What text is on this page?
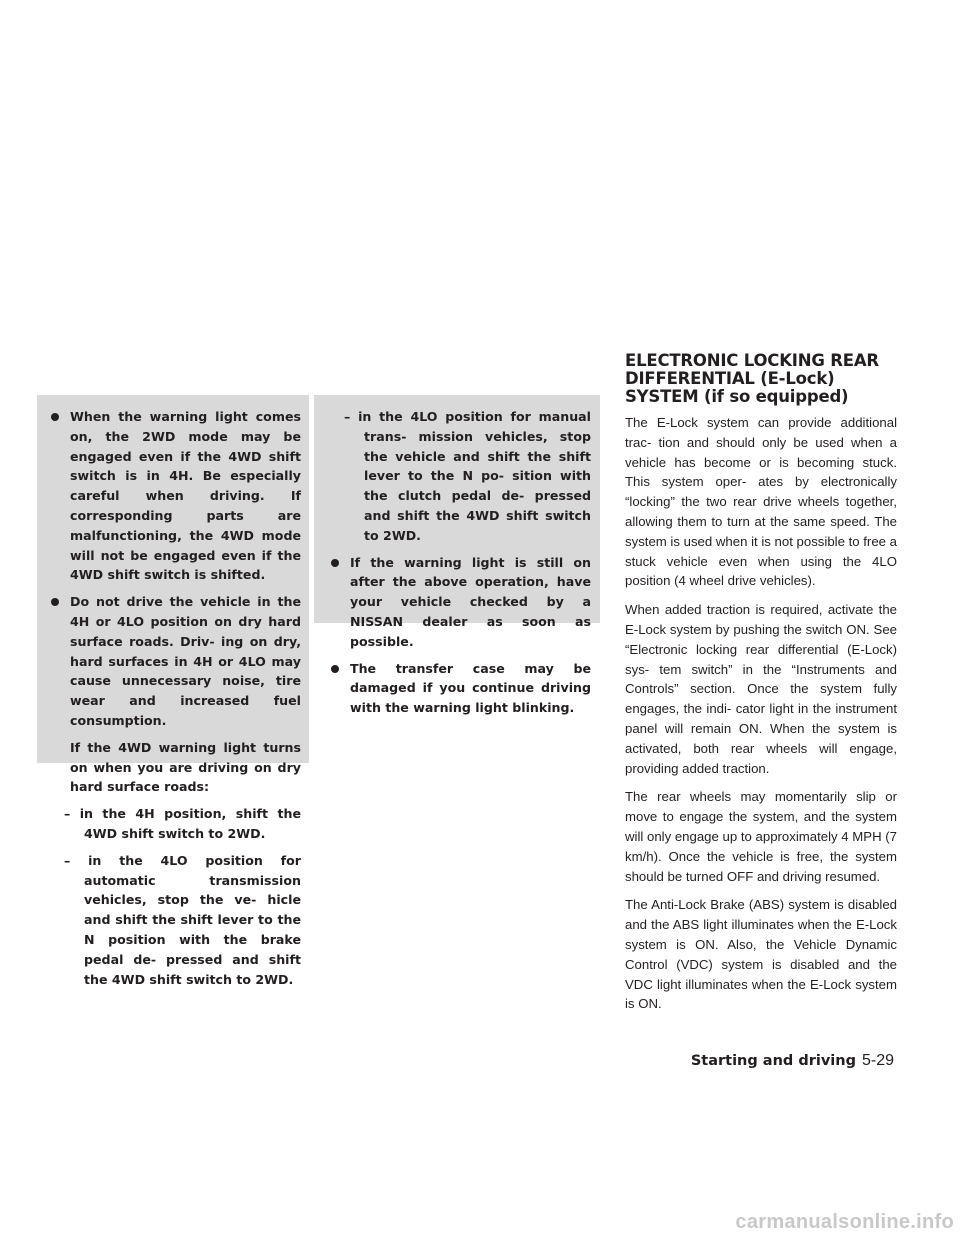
When the warning light comes on, the 2WD mode may be engaged even if the 4WD shift switch is in 4H. Be especially careful when driving. If corresponding parts are malfunctioning, the 4WD mode will not be engaged even if the 4WD shift switch is shifted.

Do not drive the vehicle in the 4H or 4LO position on dry hard surface roads. Driv- ing on dry, hard surfaces in 4H or 4LO may cause unnecessary noise, tire wear and increased fuel consumption.

If the 4WD warning light turns on when you are driving on dry hard surface roads:

– in the 4H position, shift the 4WD shift switch to 2WD.

– in the 4LO position for automatic transmission vehicles, stop the ve- hicle and shift the shift lever to the N position with the brake pedal de- pressed and shift the 4WD shift switch to 2WD.

– in the 4LO position for manual trans- mission vehicles, stop the vehicle and shift the shift lever to the N po- sition with the clutch pedal de- pressed and shift the 4WD shift switch to 2WD.

If the warning light is still on after the above operation, have your vehicle checked by a NISSAN dealer as soon as possible.

The transfer case may be damaged if you continue driving with the warning light blinking.

ELECTRONIC LOCKING REAR DIFFERENTIAL (E-Lock) SYSTEM (if so equipped)

The E-Lock system can provide additional trac- tion and should only be used when a vehicle has become or is becoming stuck. This system oper- ates by electronically “locking” the two rear drive wheels together, allowing them to turn at the same speed. The system is used when it is not possible to free a stuck vehicle even when using the 4LO position (4 wheel drive vehicles).

When added traction is required, activate the E-Lock system by pushing the switch ON. See “Electronic locking rear differential (E-Lock) sys- tem switch” in the “Instruments and Controls” section. Once the system fully engages, the indi- cator light in the instrument panel will remain ON. When the system is activated, both rear wheels will engage, providing added traction.

The rear wheels may momentarily slip or move to engage the system, and the system will only engage up to approximately 4 MPH (7 km/h). Once the vehicle is free, the system should be turned OFF and driving resumed.

The Anti-Lock Brake (ABS) system is disabled and the ABS light illuminates when the E-Lock system is ON. Also, the Vehicle Dynamic Control (VDC) system is disabled and the VDC light illuminates when the E-Lock system is ON.

Starting and driving 5-29
carmanualsonline.info
